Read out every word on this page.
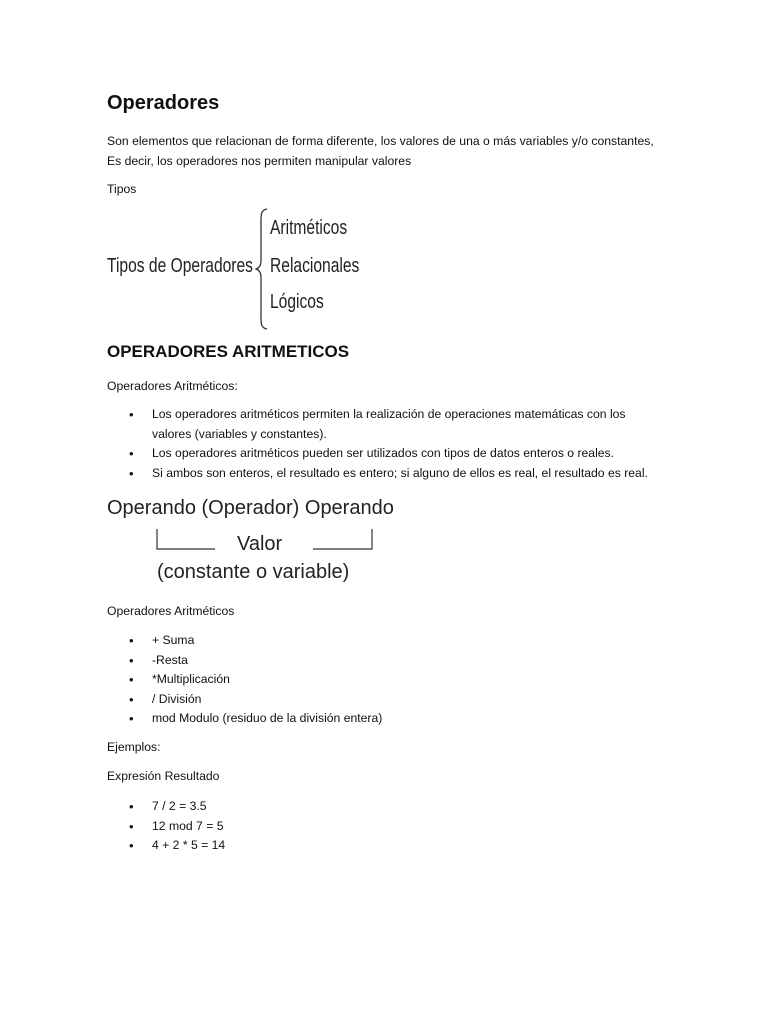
Operadores
Son elementos que relacionan de forma diferente, los valores de una o más variables y/o constantes, Es decir, los operadores nos permiten manipular valores
Tipos
Tipos de Operadores
Aritméticos
Relacionales
Lógicos
OPERADORES ARITMETICOS
Operadores Aritméticos:
• Los operadores aritméticos permiten la realización de operaciones matemáticas con los valores (variables y constantes).
• Los operadores aritméticos pueden ser utilizados con tipos de datos enteros o reales.
• Si ambos son enteros, el resultado es entero; si alguno de ellos es real, el resultado es real.
Operando (Operador) Operando
Valor
(constante o variable)
Operadores Aritméticos
• + Suma
• -Resta
• *Multiplicación
• / División
• mod Modulo (residuo de la división entera)
Ejemplos:
Expresión Resultado
• 7 / 2 = 3.5
• 12 mod 7 = 5
• 4 + 2 * 5 = 14
